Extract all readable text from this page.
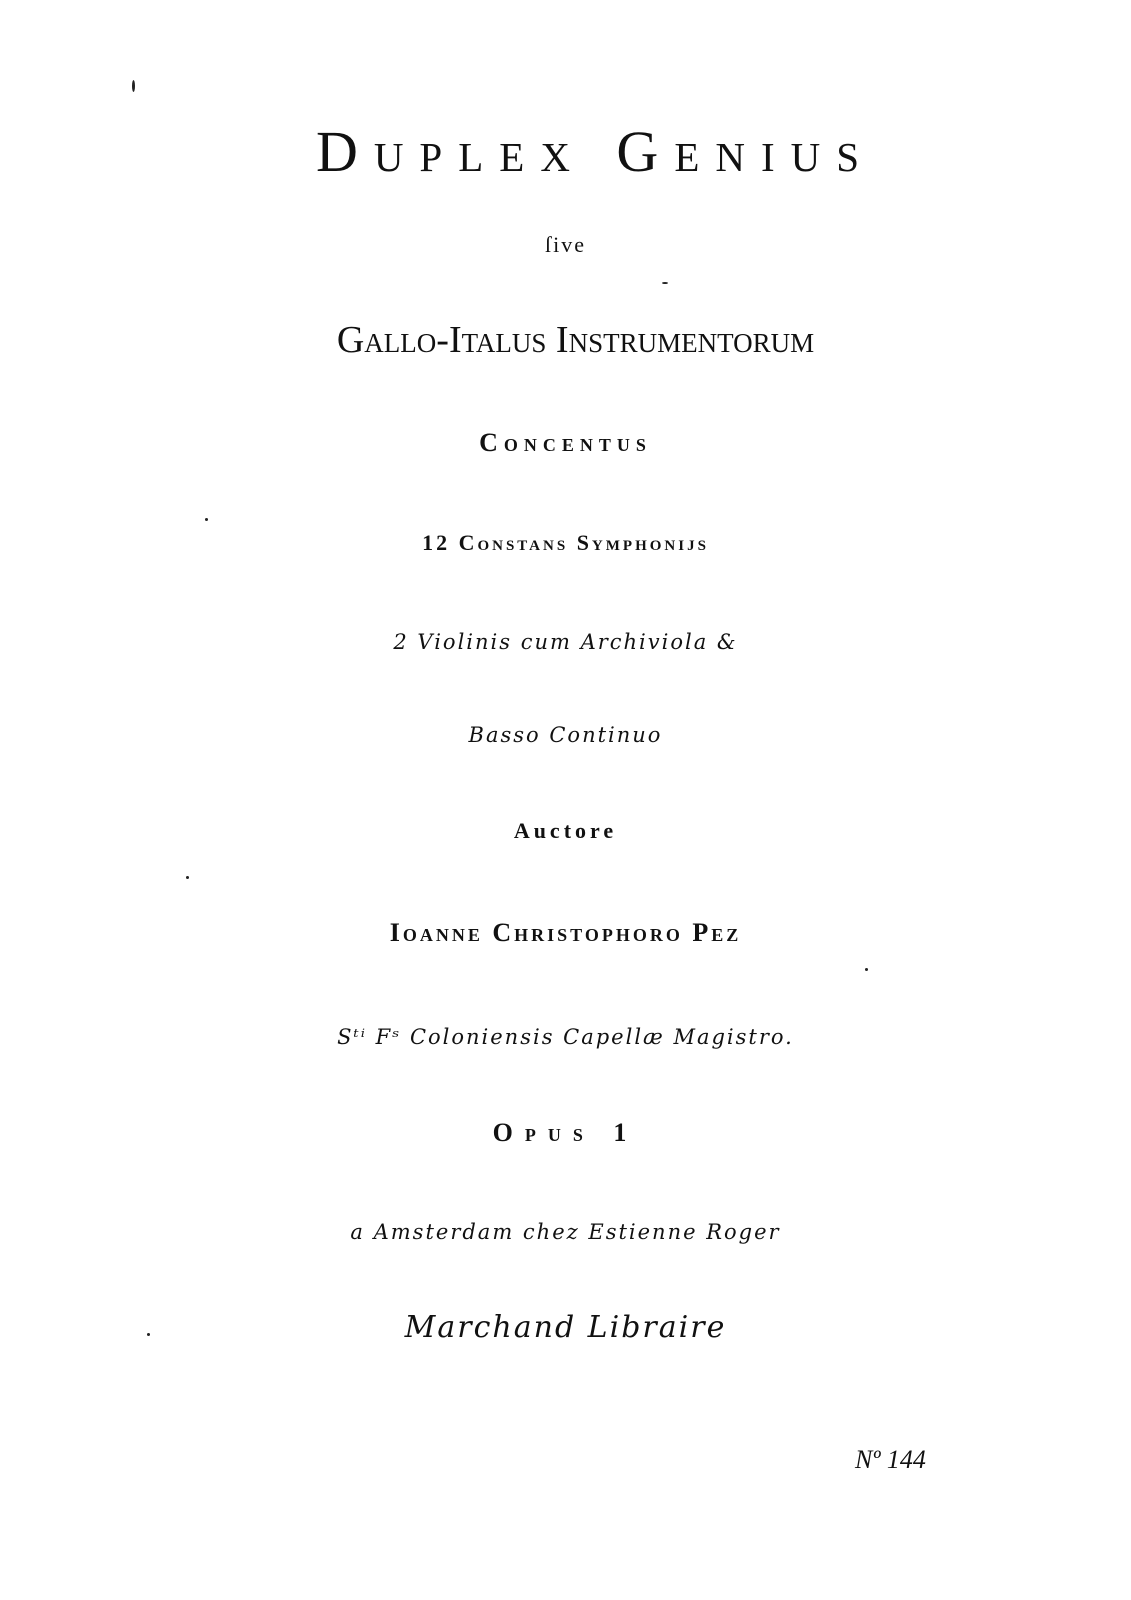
Duplex Genius
ſive
Gallo-Italus Instrumentorum
Concentus
12 Constans Symphonijs
2 Violinis cum Archiviola &
Basso Continuo
Auctore
Ioanne Christophoro Pez
Sᵗⁱ Fˢ Coloniensis Capellæ Magistro.
Opus 1
a Amsterdam chez Estienne Roger
Marchand Libraire
Nº 144
